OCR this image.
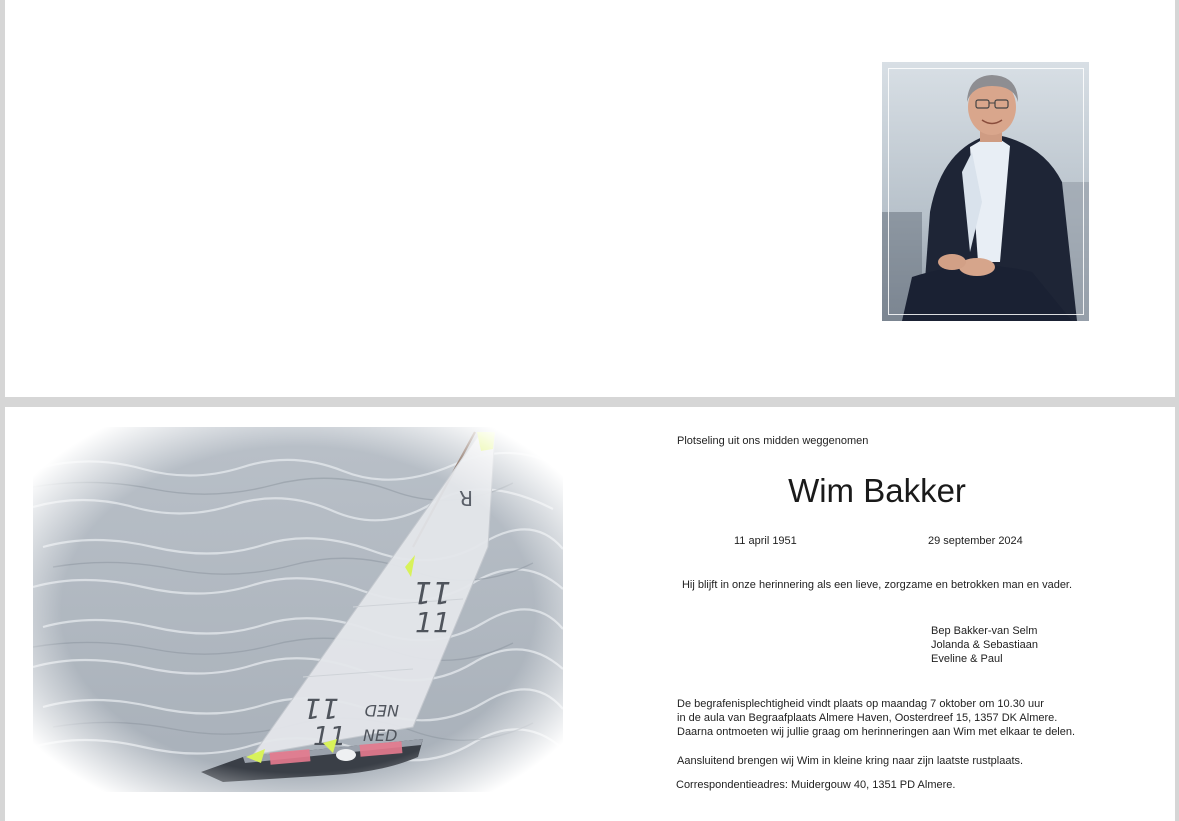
Plotseling uit ons midden weggenomen
Wim Bakker
11 april 1951	29 september 2024
Hij blijft in onze herinnering als een lieve, zorgzame en betrokken man en vader.
Bep Bakker-van Selm
Jolanda & Sebastiaan
Eveline & Paul
De begrafenisplechtigheid vindt plaats op maandag 7 oktober om 10.30 uur
in de aula van Begraafplaats Almere Haven, Oosterdreef 15, 1357 DK Almere.
Daarna ontmoeten wij jullie graag om herinneringen aan Wim met elkaar te delen.
Aansluitend brengen wij Wim in kleine kring naar zijn laatste rustplaats.
Correspondentieadres: Muidergouw 40, 1351 PD Almere.
